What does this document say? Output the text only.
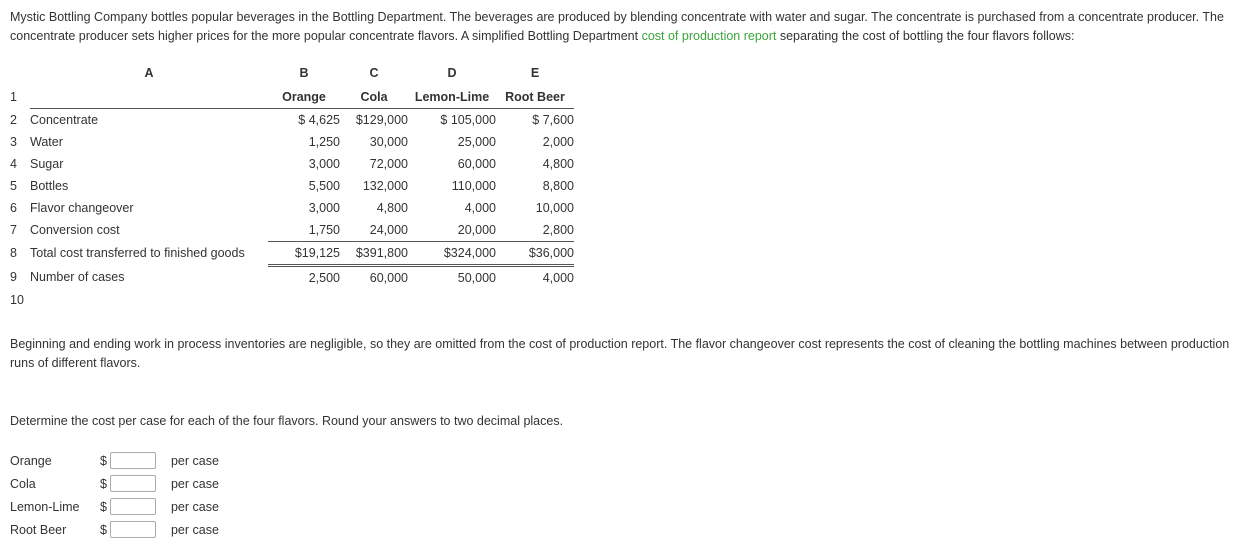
Mystic Bottling Company bottles popular beverages in the Bottling Department. The beverages are produced by blending concentrate with water and sugar. The concentrate is purchased from a concentrate producer. The concentrate producer sets higher prices for the more popular concentrate flavors. A simplified Bottling Department cost of production report separating the cost of bottling the four flavors follows:
	A	B	C	D	E
1		Orange	Cola	Lemon-Lime	Root Beer
2	Concentrate	$ 4,625	$129,000	$ 105,000	$ 7,600
3	Water	1,250	30,000	25,000	2,000
4	Sugar	3,000	72,000	60,000	4,800
5	Bottles	5,500	132,000	110,000	8,800
6	Flavor changeover	3,000	4,800	4,000	10,000
7	Conversion cost	1,750	24,000	20,000	2,800
8	Total cost transferred to finished goods	$19,125	$391,800	$324,000	$36,000
9	Number of cases	2,500	60,000	50,000	4,000
10					
Beginning and ending work in process inventories are negligible, so they are omitted from the cost of production report. The flavor changeover cost represents the cost of cleaning the bottling machines between production runs of different flavors.
Determine the cost per case for each of the four flavors. Round your answers to two decimal places.
Orange	$	per case
Cola	$	per case
Lemon-Lime	$	per case
Root Beer	$	per case
